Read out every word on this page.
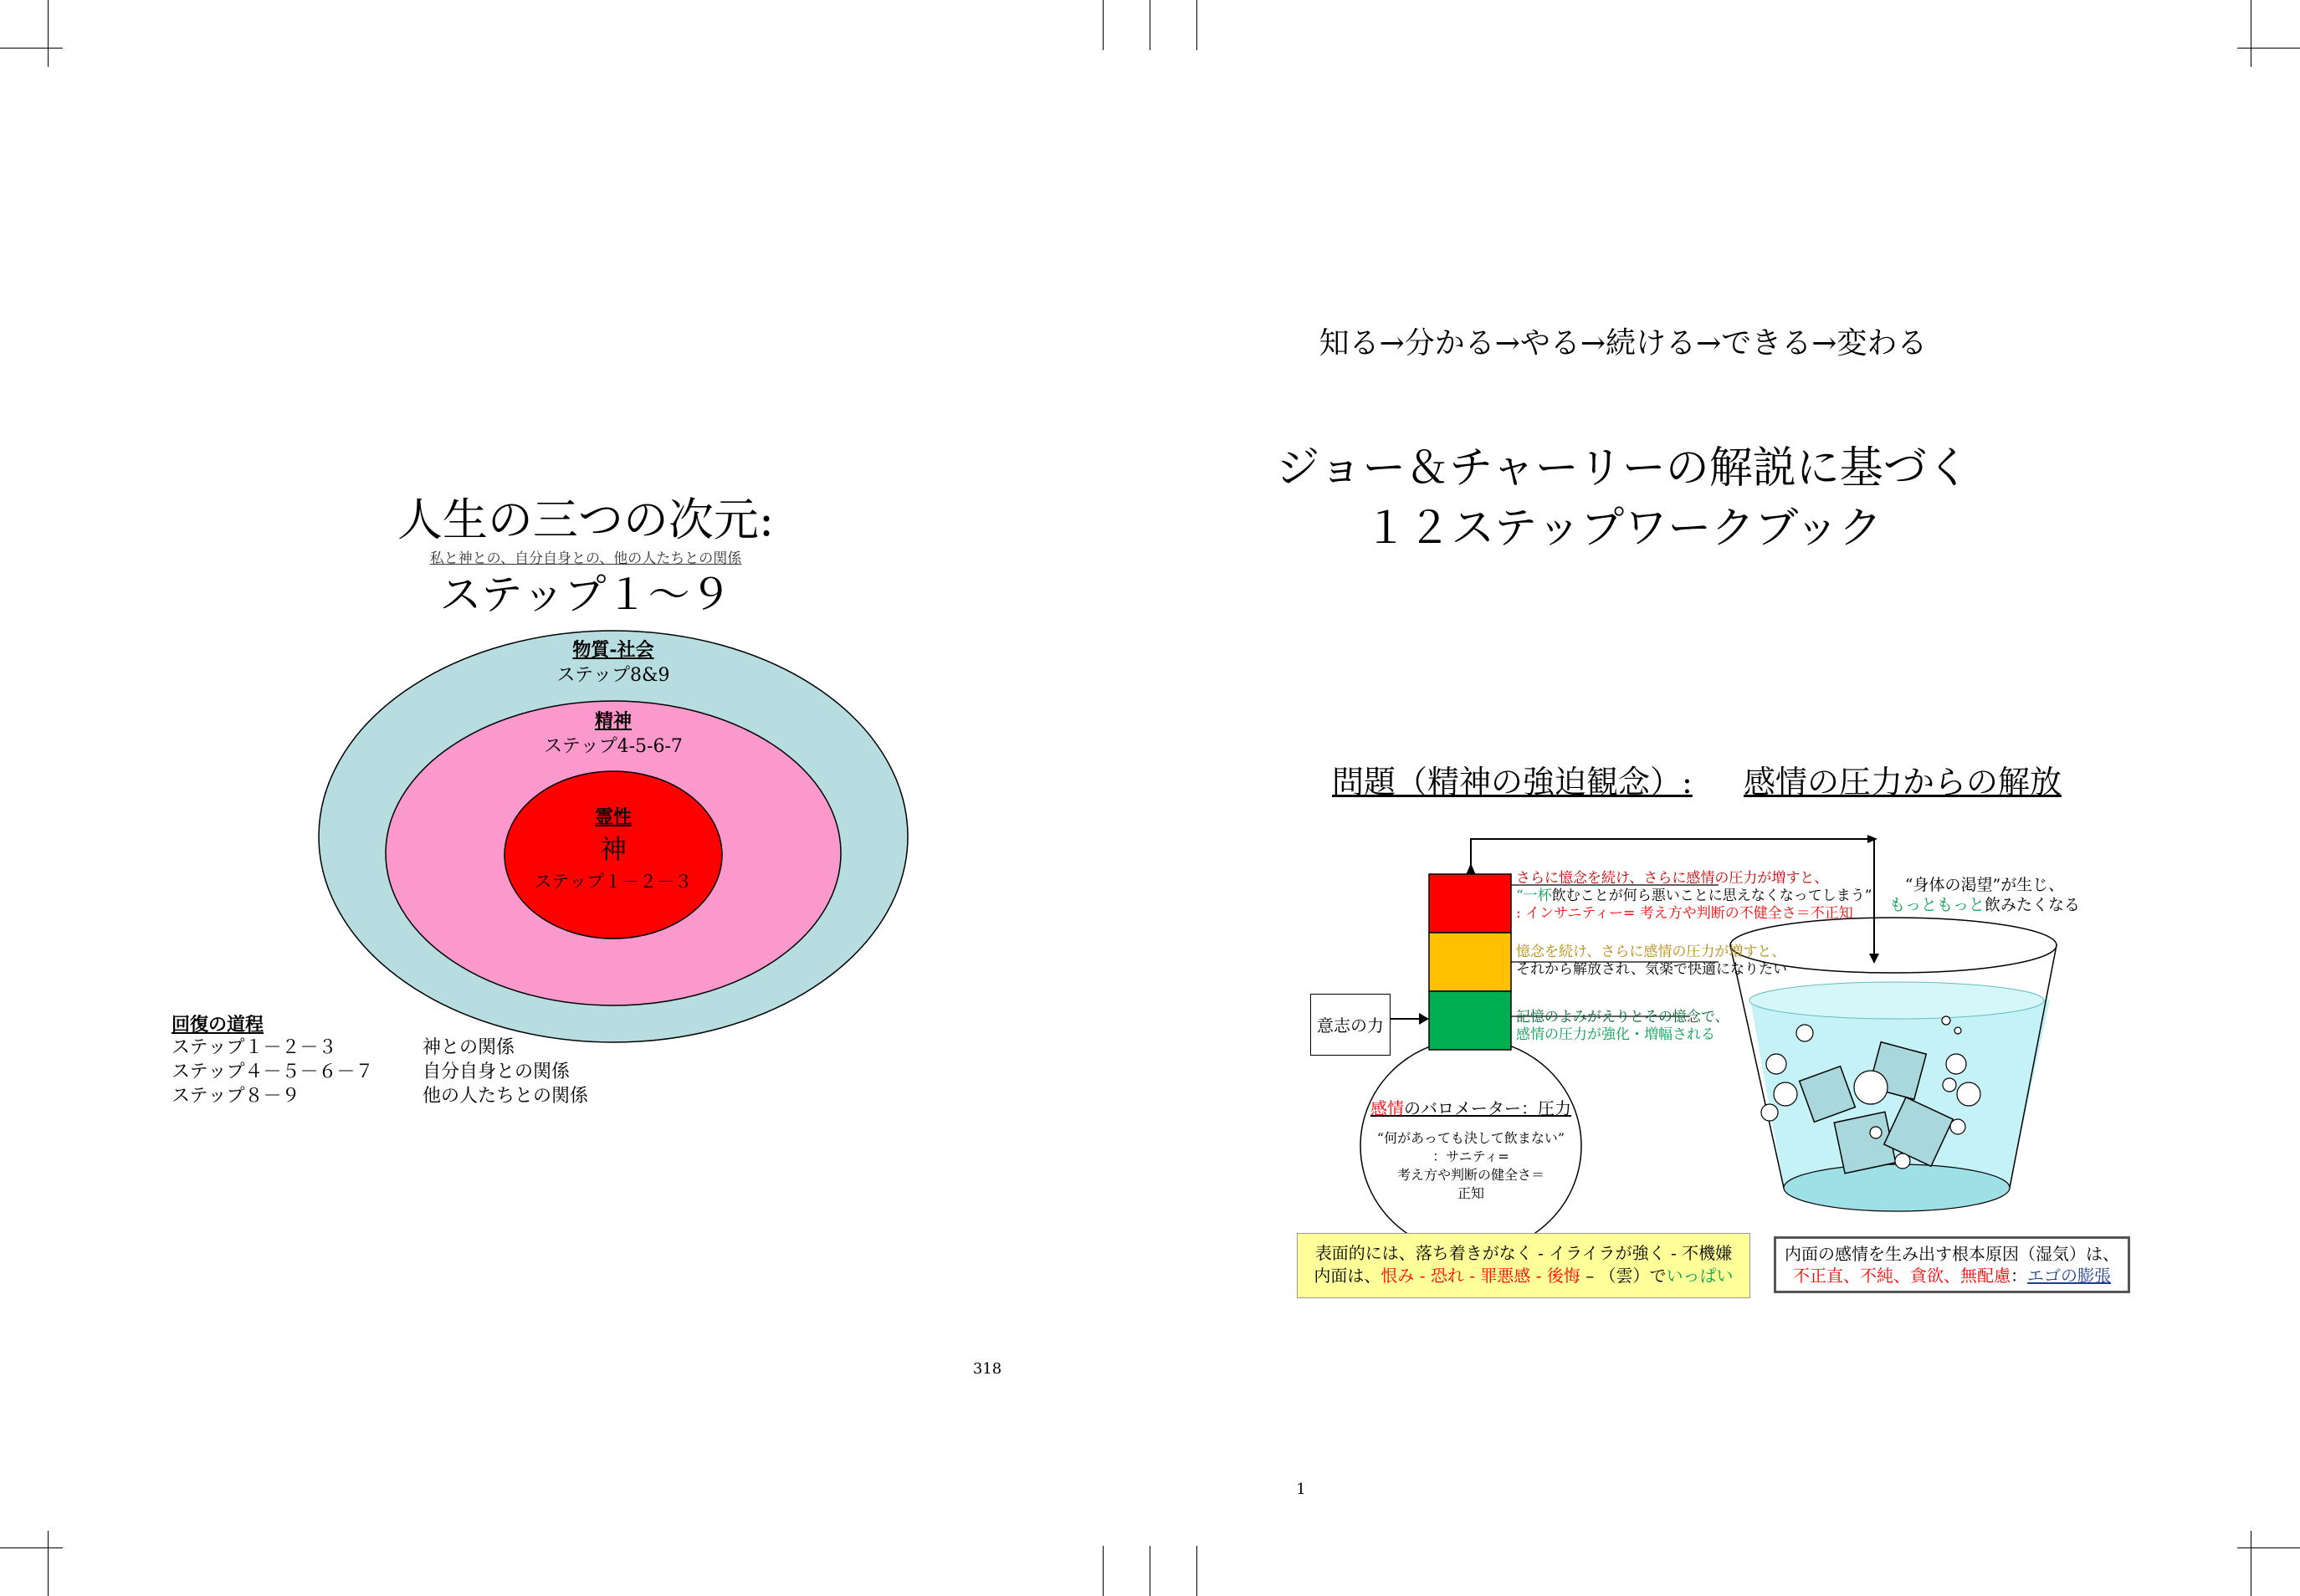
人生の三つの次元:
私と神との、自分自身との、他の人たちとの関係
ステップ１～９
物質-社会
ステップ8&9
精神
ステップ4-5-6-7
霊性
神
ステップ１－２－３
回復の道程
ステップ１－２－３	神との関係
ステップ４－５－６－７	自分自身との関係
ステップ８－９	他の人たちとの関係
318
知る→分かる→やる→続ける→できる→変わる
ジョー＆チャーリーの解説に基づく
１２ステップワークブック
問題（精神の強迫観念）: 感情の圧力からの解放
意志の力
さらに憶念を続け、さらに感情の圧力が増すと、
“一杯飲むことが何ら悪いことに思えなくなってしまう”
: インサニティー= 考え方や判断の不健全さ＝不正知
憶念を続け、さらに感情の圧力が増すと、
それから解放され、気楽で快適になりたい
記憶のよみがえりとその憶念で、
感情の圧力が強化・増幅される
“身体の渇望”が生じ、
もっともっと飲みたくなる
感情のバロメーター：圧力
“何があっても決して飲まない”
：サニティ=
考え方や判断の健全さ＝
正知
表面的には、落ち着きがなく - イライラが強く - 不機嫌
内面は、恨み - 恐れ - 罪悪感 - 後悔 – （雲）でいっぱい
内面の感情を生み出す根本原因（湿気）は、
不正直、不純、貪欲、無配慮：エゴの膨張
1
